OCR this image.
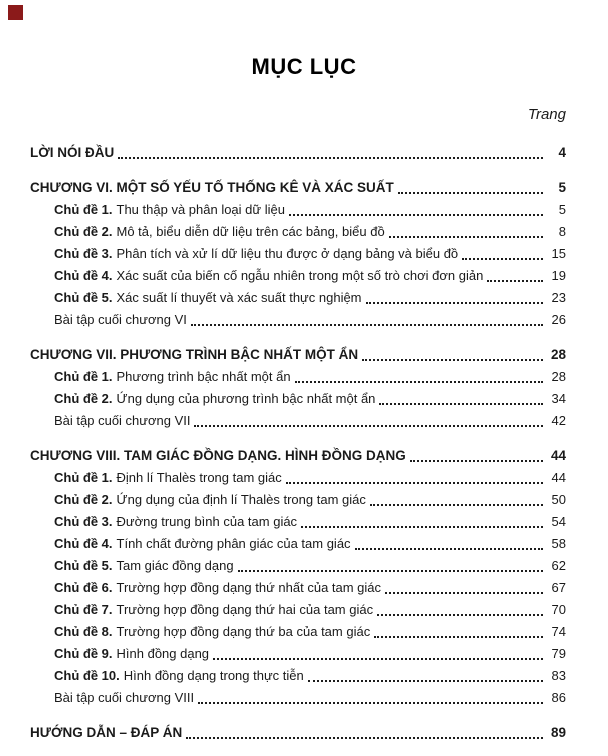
MỤC LỤC
Trang
LỜI NÓI ĐẦU	4
CHƯƠNG VI. MỘT SỐ YẾU TỐ THỐNG KÊ VÀ XÁC SUẤT	5
Chủ đề 1. Thu thập và phân loại dữ liệu	5
Chủ đề 2. Mô tả, biểu diễn dữ liệu trên các bảng, biểu đồ	8
Chủ đề 3. Phân tích và xử lí dữ liệu thu được ở dạng bảng và biểu đồ	15
Chủ đề 4. Xác suất của biến cố ngẫu nhiên trong một số trò chơi đơn giản	19
Chủ đề 5. Xác suất lí thuyết và xác suất thực nghiệm	23
Bài tập cuối chương VI	26
CHƯƠNG VII. PHƯƠNG TRÌNH BẬC NHẤT MỘT ẨN	28
Chủ đề 1. Phương trình bậc nhất một ẩn	28
Chủ đề 2. Ứng dụng của phương trình bậc nhất một ẩn	34
Bài tập cuối chương VII	42
CHƯƠNG VIII. TAM GIÁC ĐỒNG DẠNG. HÌNH ĐỒNG DẠNG	44
Chủ đề 1. Định lí Thalès trong tam giác	44
Chủ đề 2. Ứng dụng của định lí Thalès trong tam giác	50
Chủ đề 3. Đường trung bình của tam giác	54
Chủ đề 4. Tính chất đường phân giác của tam giác	58
Chủ đề 5. Tam giác đồng dạng	62
Chủ đề 6. Trường hợp đồng dạng thứ nhất của tam giác	67
Chủ đề 7. Trường hợp đồng dạng thứ hai của tam giác	70
Chủ đề 8. Trường hợp đồng dạng thứ ba của tam giác	74
Chủ đề 9. Hình đồng dạng	79
Chủ đề 10. Hình đồng dạng trong thực tiễn	83
Bài tập cuối chương VIII	86
HƯỚNG DẪN – ĐÁP ÁN	89
